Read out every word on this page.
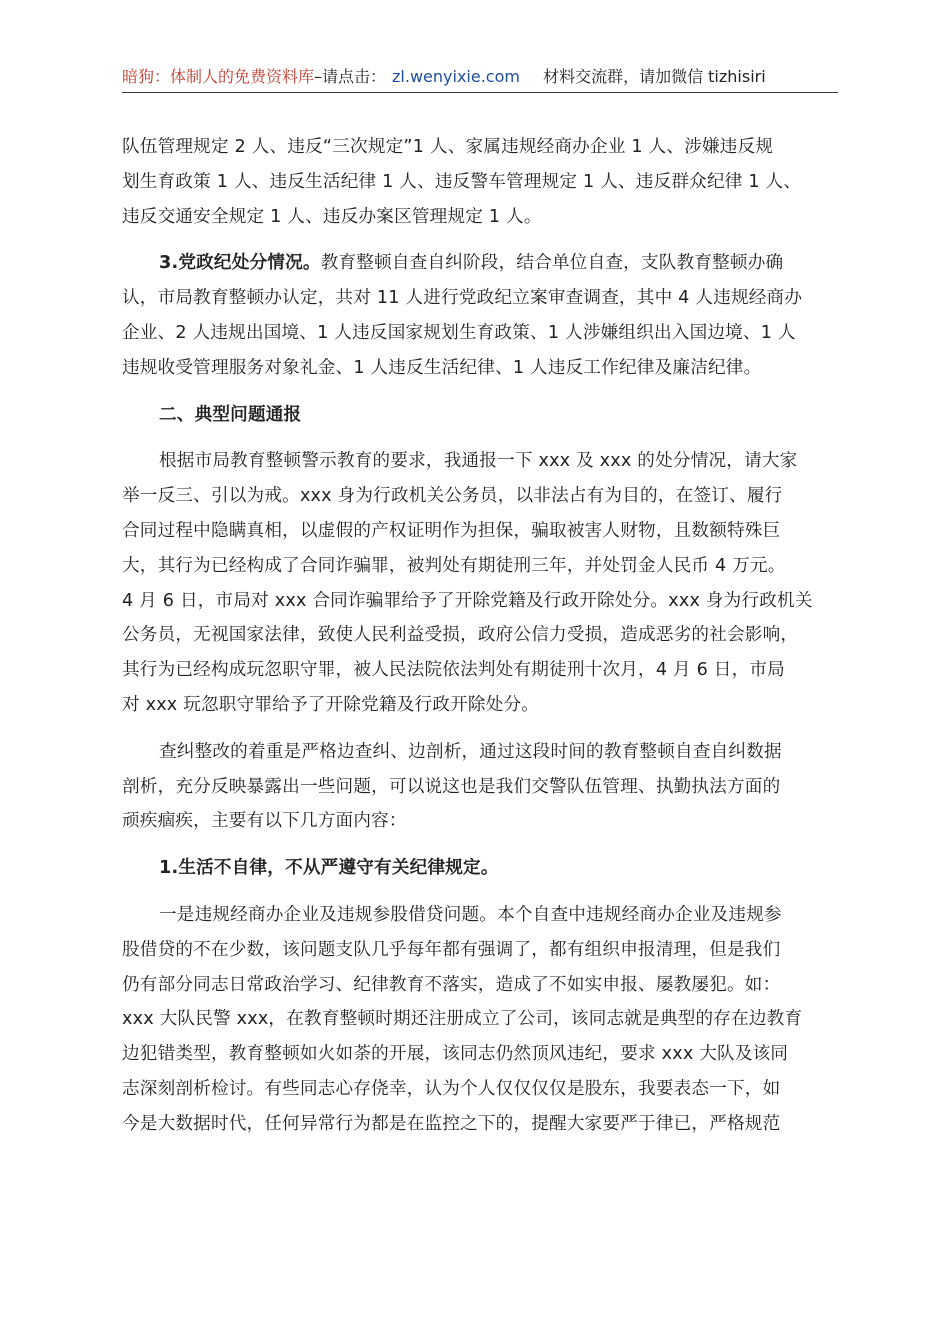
暗狗：体制人的免费资料库–请点击： zl.wenyixie.com 材料交流群，请加微信 tizhisiri

队伍管理规定 2 人、违反“三次规定”1 人、家属违规经商办企业 1 人、涉嫌违反规
划生育政策 1 人、违反生活纪律 1 人、违反警车管理规定 1 人、违反群众纪律 1 人、
违反交通安全规定 1 人、违反办案区管理规定 1 人。

3.党政纪处分情况。教育整顿自查自纠阶段，结合单位自查，支队教育整顿办确
认，市局教育整顿办认定，共对 11 人进行党政纪立案审查调查，其中 4 人违规经商办
企业、2 人违规出国境、1 人违反国家规划生育政策、1 人涉嫌组织出入国边境、1 人
违规收受管理服务对象礼金、1 人违反生活纪律、1 人违反工作纪律及廉洁纪律。

二、典型问题通报

根据市局教育整顿警示教育的要求，我通报一下 xxx 及 xxx 的处分情况，请大家
举一反三、引以为戒。xxx 身为行政机关公务员，以非法占有为目的，在签订、履行
合同过程中隐瞒真相，以虚假的产权证明作为担保，骗取被害人财物，且数额特殊巨
大，其行为已经构成了合同诈骗罪，被判处有期徒刑三年，并处罚金人民币 4 万元。
4 月 6 日，市局对 xxx 合同诈骗罪给予了开除党籍及行政开除处分。xxx 身为行政机关
公务员，无视国家法律，致使人民利益受损，政府公信力受损，造成恶劣的社会影响，
其行为已经构成玩忽职守罪，被人民法院依法判处有期徒刑十次月，4 月 6 日，市局
对 xxx 玩忽职守罪给予了开除党籍及行政开除处分。

查纠整改的着重是严格边查纠、边剖析，通过这段时间的教育整顿自查自纠数据
剖析，充分反映暴露出一些问题，可以说这也是我们交警队伍管理、执勤执法方面的
顽疾痼疾，主要有以下几方面内容：

1.生活不自律，不从严遵守有关纪律规定。

一是违规经商办企业及违规参股借贷问题。本个自查中违规经商办企业及违规参
股借贷的不在少数，该问题支队几乎每年都有强调了，都有组织申报清理，但是我们
仍有部分同志日常政治学习、纪律教育不落实，造成了不如实申报、屡教屡犯。如：
xxx 大队民警 xxx，在教育整顿时期还注册成立了公司，该同志就是典型的存在边教育
边犯错类型，教育整顿如火如荼的开展，该同志仍然顶风违纪，要求 xxx 大队及该同
志深刻剖析检讨。有些同志心存侥幸，认为个人仅仅仅仅是股东，我要表态一下，如
今是大数据时代，任何异常行为都是在监控之下的，提醒大家要严于律已，严格规范
